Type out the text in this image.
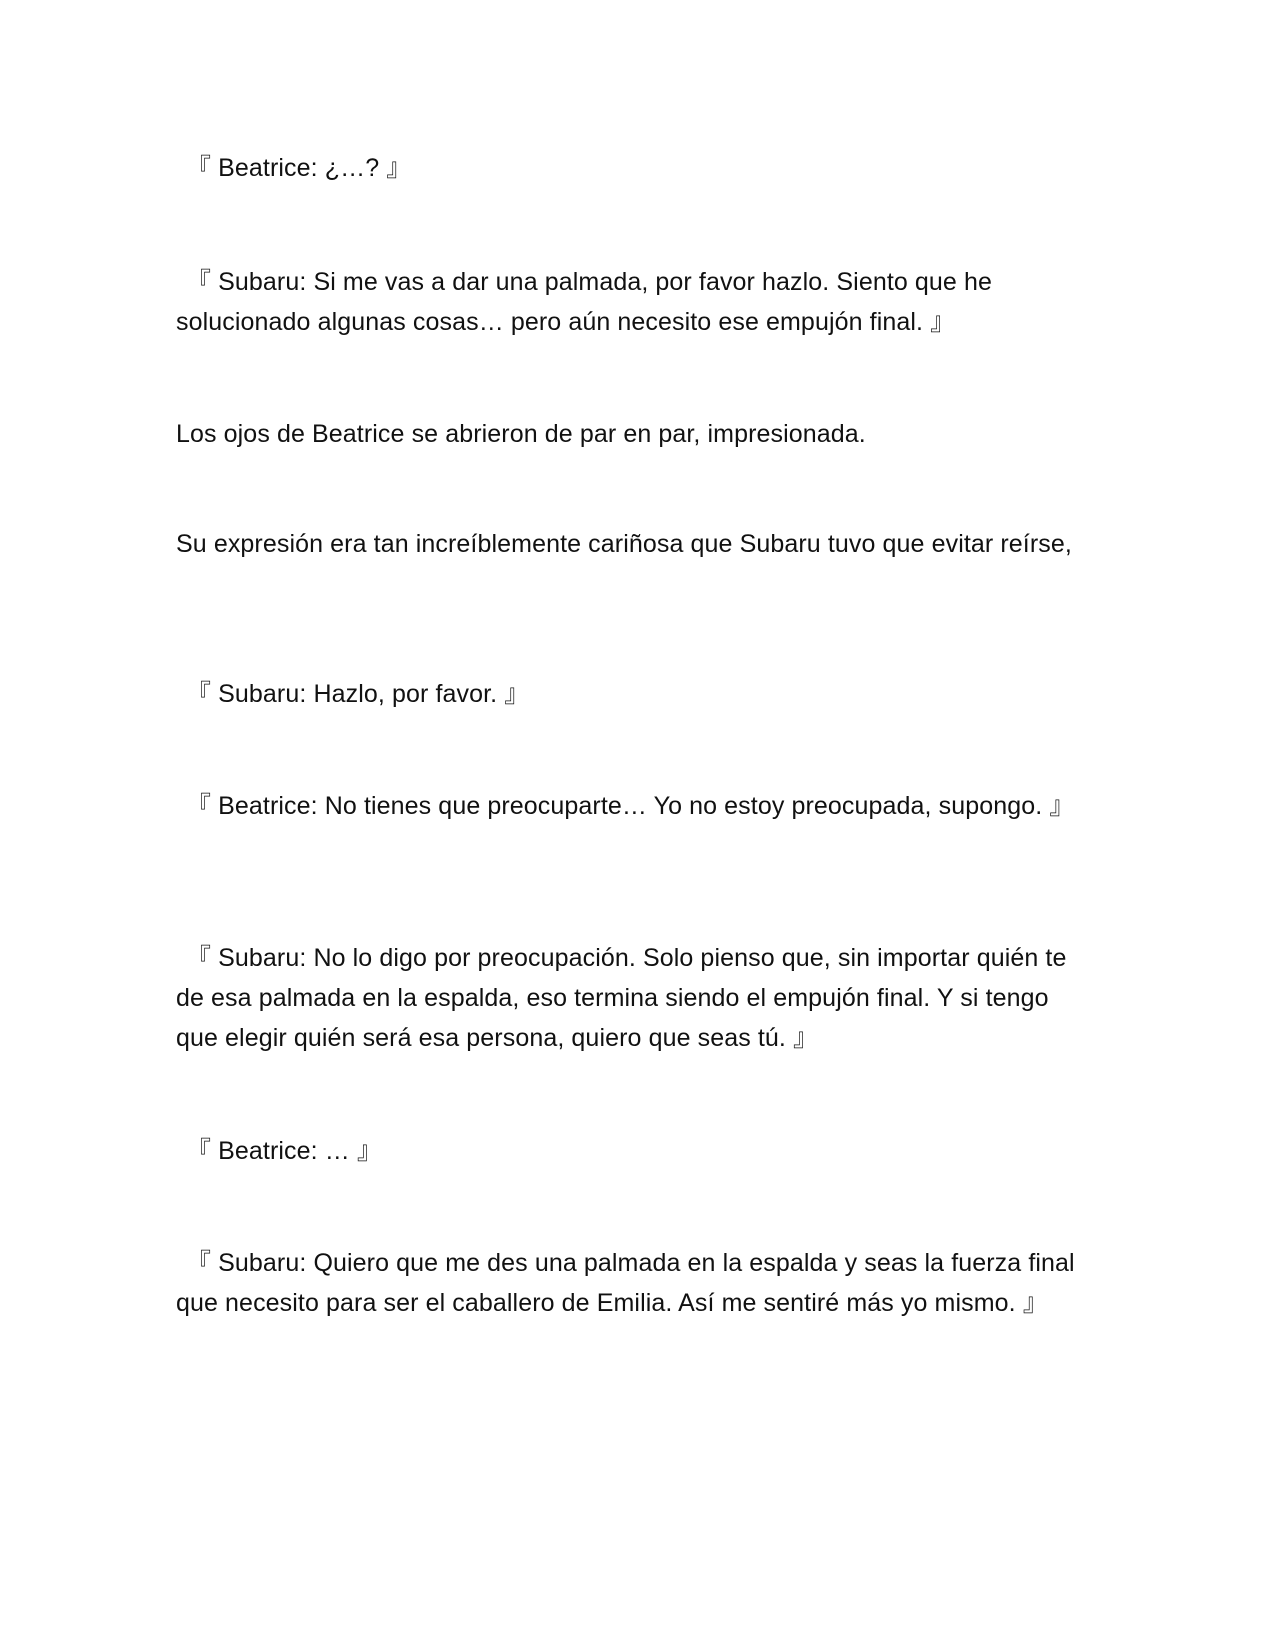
『 Beatrice: ¿…? 』

『 Subaru: Si me vas a dar una palmada, por favor hazlo. Siento que he solucionado algunas cosas… pero aún necesito ese empujón final. 』

Los ojos de Beatrice se abrieron de par en par, impresionada.

Su expresión era tan increíblemente cariñosa que Subaru tuvo que evitar reírse,

『 Subaru: Hazlo, por favor. 』

『 Beatrice: No tienes que preocuparte… Yo no estoy preocupada, supongo. 』

『 Subaru: No lo digo por preocupación. Solo pienso que, sin importar quién te de esa palmada en la espalda, eso termina siendo el empujón final. Y si tengo que elegir quién será esa persona, quiero que seas tú. 』

『 Beatrice: … 』

『 Subaru: Quiero que me des una palmada en la espalda y seas la fuerza final que necesito para ser el caballero de Emilia. Así me sentiré más yo mismo. 』
